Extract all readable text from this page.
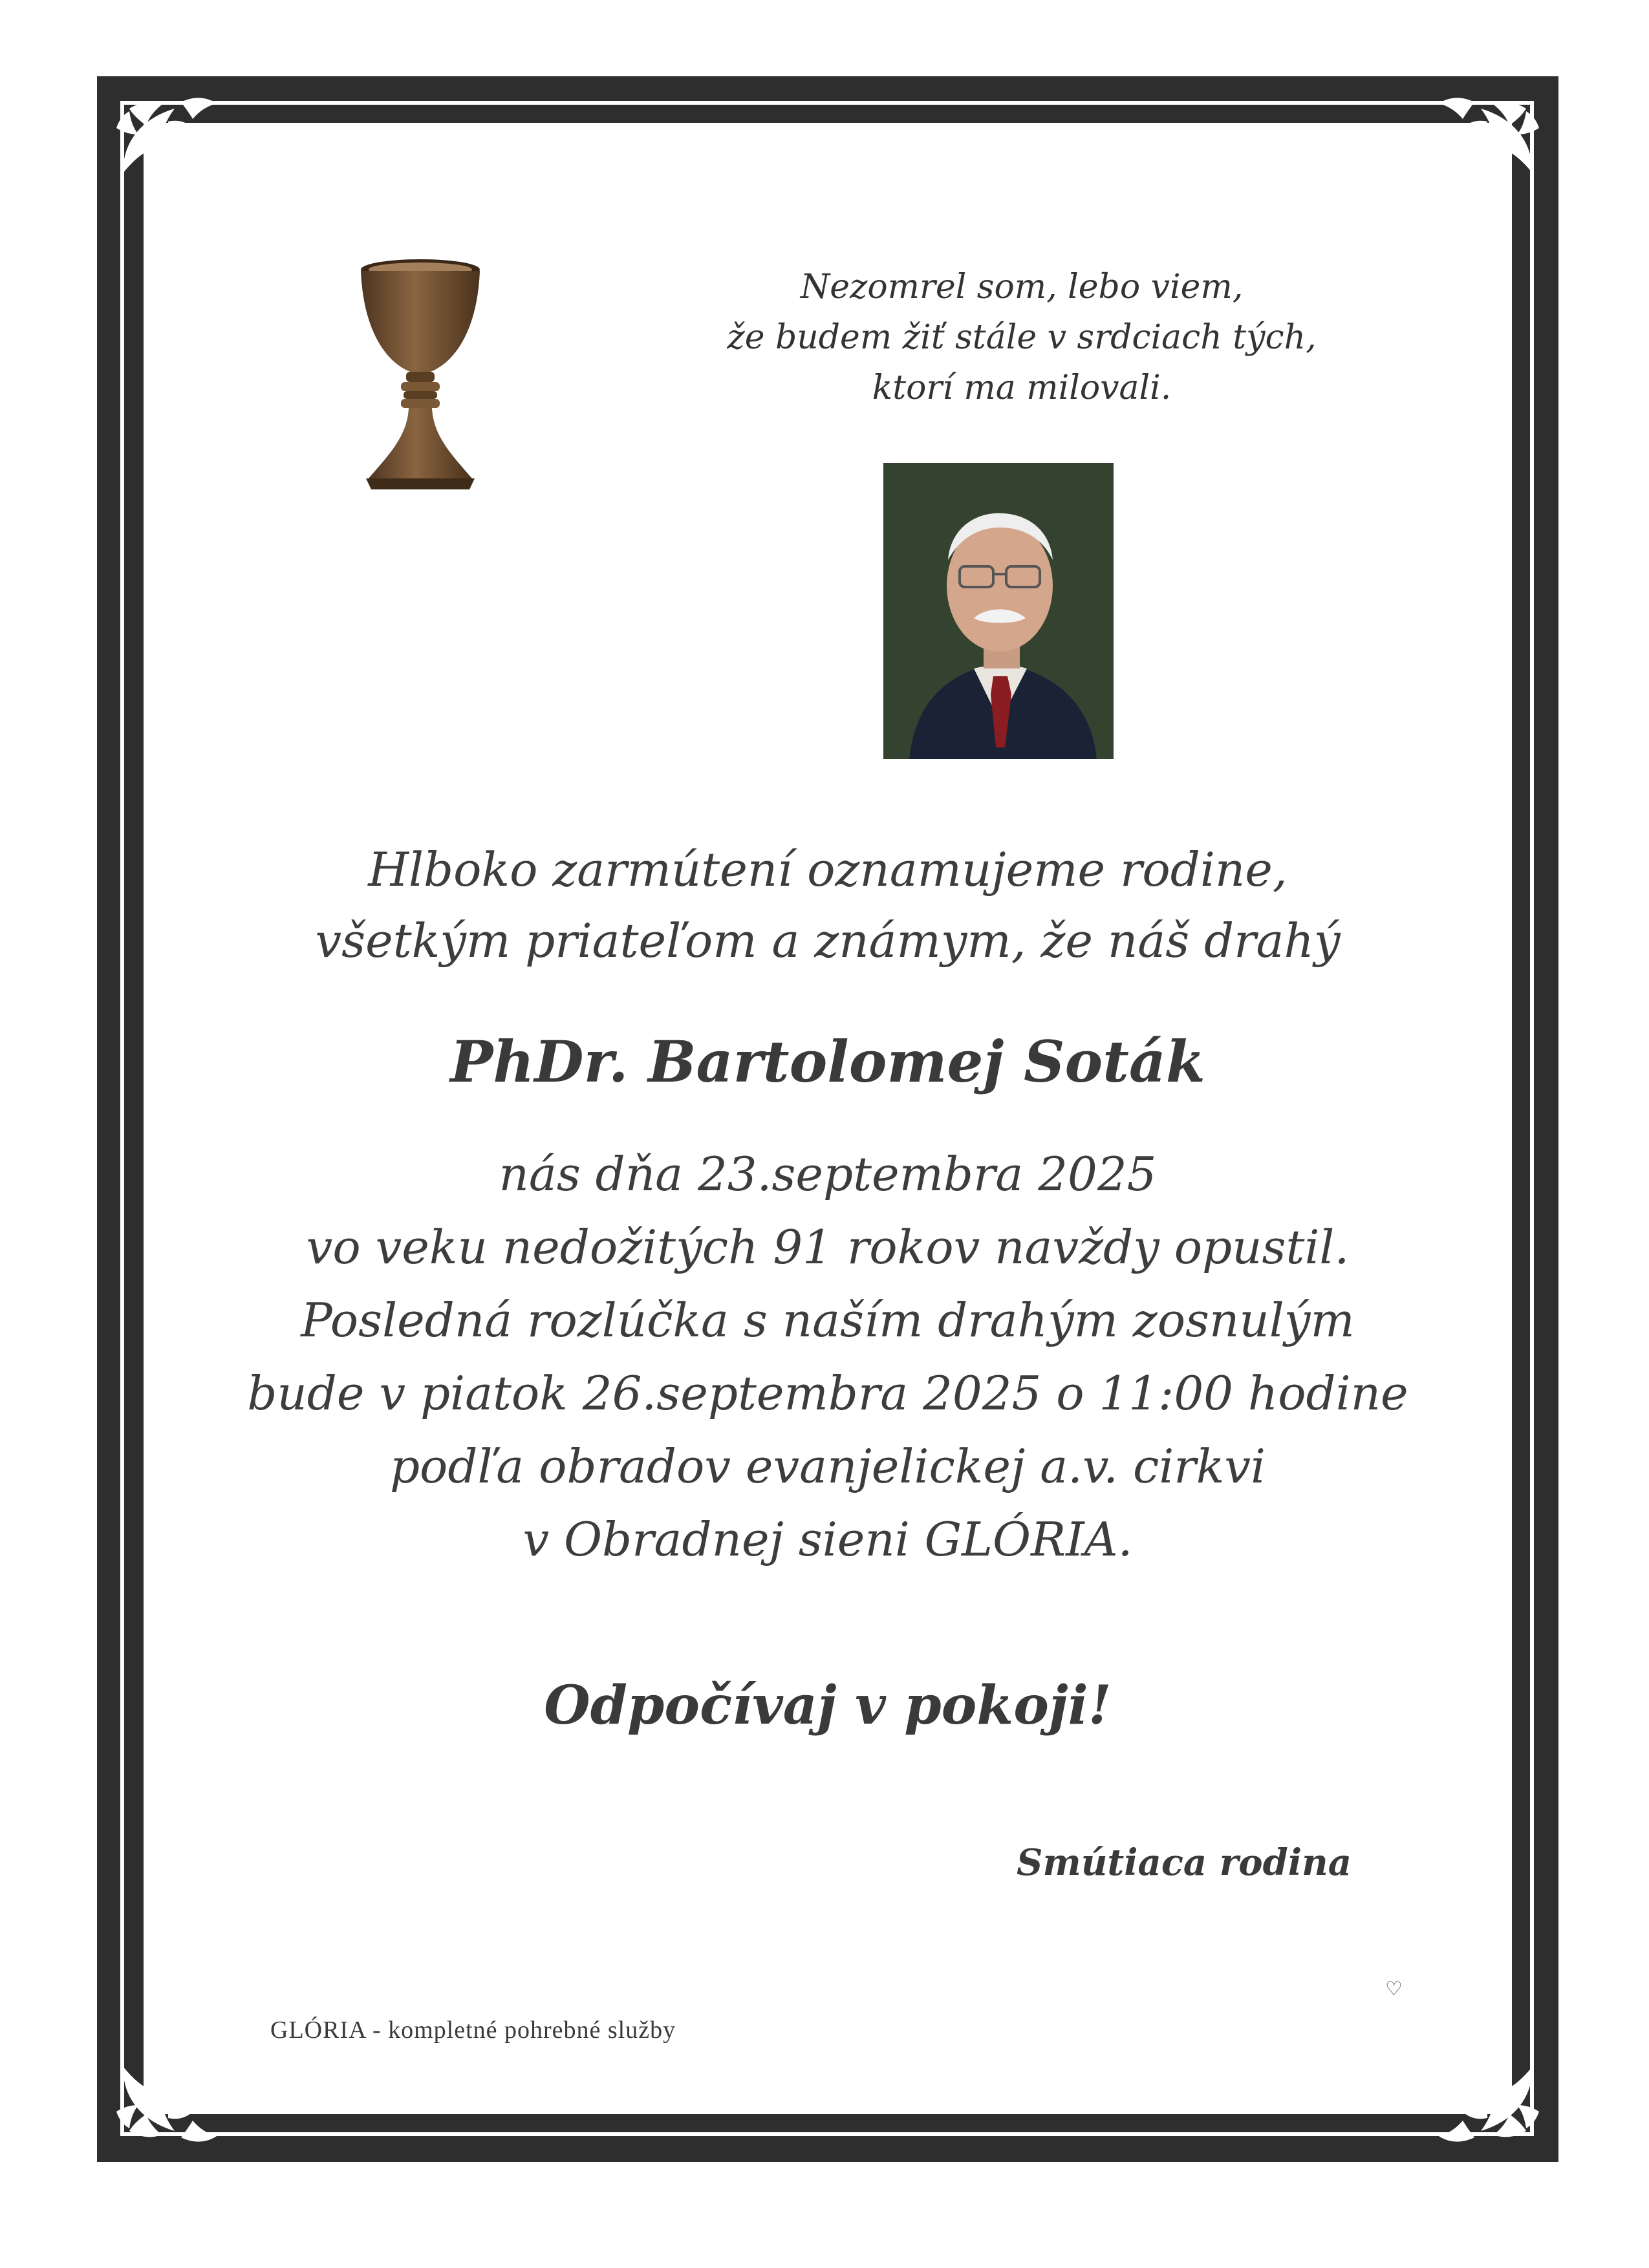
Nezomrel som, lebo viem,
že budem žiť stále v srdciach tých,
ktorí ma milovali.
Hlboko zarmútení oznamujeme rodine,
všetkým priateľom a známym, že náš drahý
PhDr. Bartolomej Soták
nás dňa 23.septembra 2025
vo veku nedožitých 91 rokov navždy opustil.
Posledná rozlúčka s naším drahým zosnulým
bude v piatok 26.septembra 2025 o 11:00 hodine
podľa obradov evanjelickej a.v. cirkvi
v Obradnej sieni GLÓRIA.
Odpočívaj v pokoji!
Smútiaca rodina
GLÓRIA - kompletné pohrebné služby
♡
